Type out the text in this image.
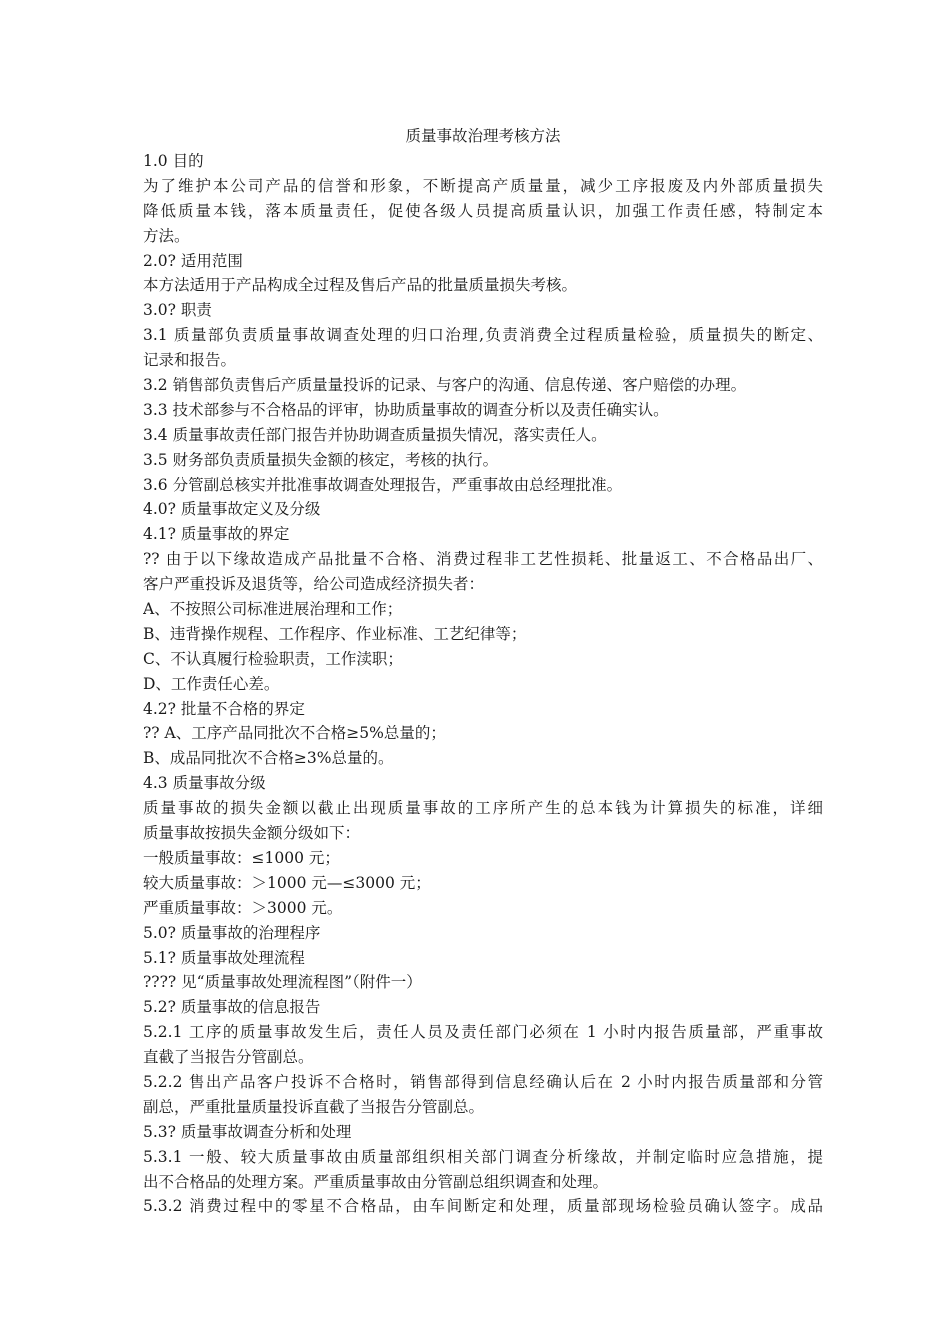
质量事故治理考核方法

1.0 目的

为了维护本公司产品的信誉和形象，不断提高产质量量，减少工序报废及内外部质量损失

降低质量本钱，落本质量责任，促使各级人员提高质量认识，加强工作责任感，特制定本

方法。

2.0? 适用范围

本方法适用于产品构成全过程及售后产品的批量质量损失考核。

3.0? 职责

3.1 质量部负责质量事故调查处理的归口治理,负责消费全过程质量检验，质量损失的断定、

记录和报告。

3.2 销售部负责售后产质量量投诉的记录、与客户的沟通、信息传递、客户赔偿的办理。

3.3 技术部参与不合格品的评审，协助质量事故的调查分析以及责任确实认。

3.4 质量事故责任部门报告并协助调查质量损失情况，落实责任人。

3.5 财务部负责质量损失金额的核定，考核的执行。

3.6 分管副总核实并批准事故调查处理报告，严重事故由总经理批准。

4.0? 质量事故定义及分级

4.1? 质量事故的界定

?? 由于以下缘故造成产品批量不合格、消费过程非工艺性损耗、批量返工、不合格品出厂、

客户严重投诉及退货等，给公司造成经济损失者：

A、不按照公司标准进展治理和工作；

B、违背操作规程、工作程序、作业标准、工艺纪律等；

C、不认真履行检验职责，工作渎职；

D、工作责任心差。

4.2? 批量不合格的界定

?? A、工序产品同批次不合格≥5%总量的；

B、成品同批次不合格≥3%总量的。

4.3 质量事故分级

质量事故的损失金额以截止出现质量事故的工序所产生的总本钱为计算损失的标准，详细

质量事故按损失金额分级如下：

一般质量事故：≤1000 元；

较大质量事故：＞1000 元—≤3000 元；

严重质量事故：＞3000 元。

5.0? 质量事故的治理程序

5.1? 质量事故处理流程

???? 见“质量事故处理流程图”（附件一）

5.2? 质量事故的信息报告

5.2.1 工序的质量事故发生后，责任人员及责任部门必须在 1 小时内报告质量部，严重事故

直截了当报告分管副总。

5.2.2 售出产品客户投诉不合格时，销售部得到信息经确认后在 2 小时内报告质量部和分管

副总，严重批量质量投诉直截了当报告分管副总。

5.3? 质量事故调查分析和处理

5.3.1 一般、较大质量事故由质量部组织相关部门调查分析缘故，并制定临时应急措施，提

出不合格品的处理方案。严重质量事故由分管副总组织调查和处理。

5.3.2 消费过程中的零星不合格品，由车间断定和处理，质量部现场检验员确认签字。成品
